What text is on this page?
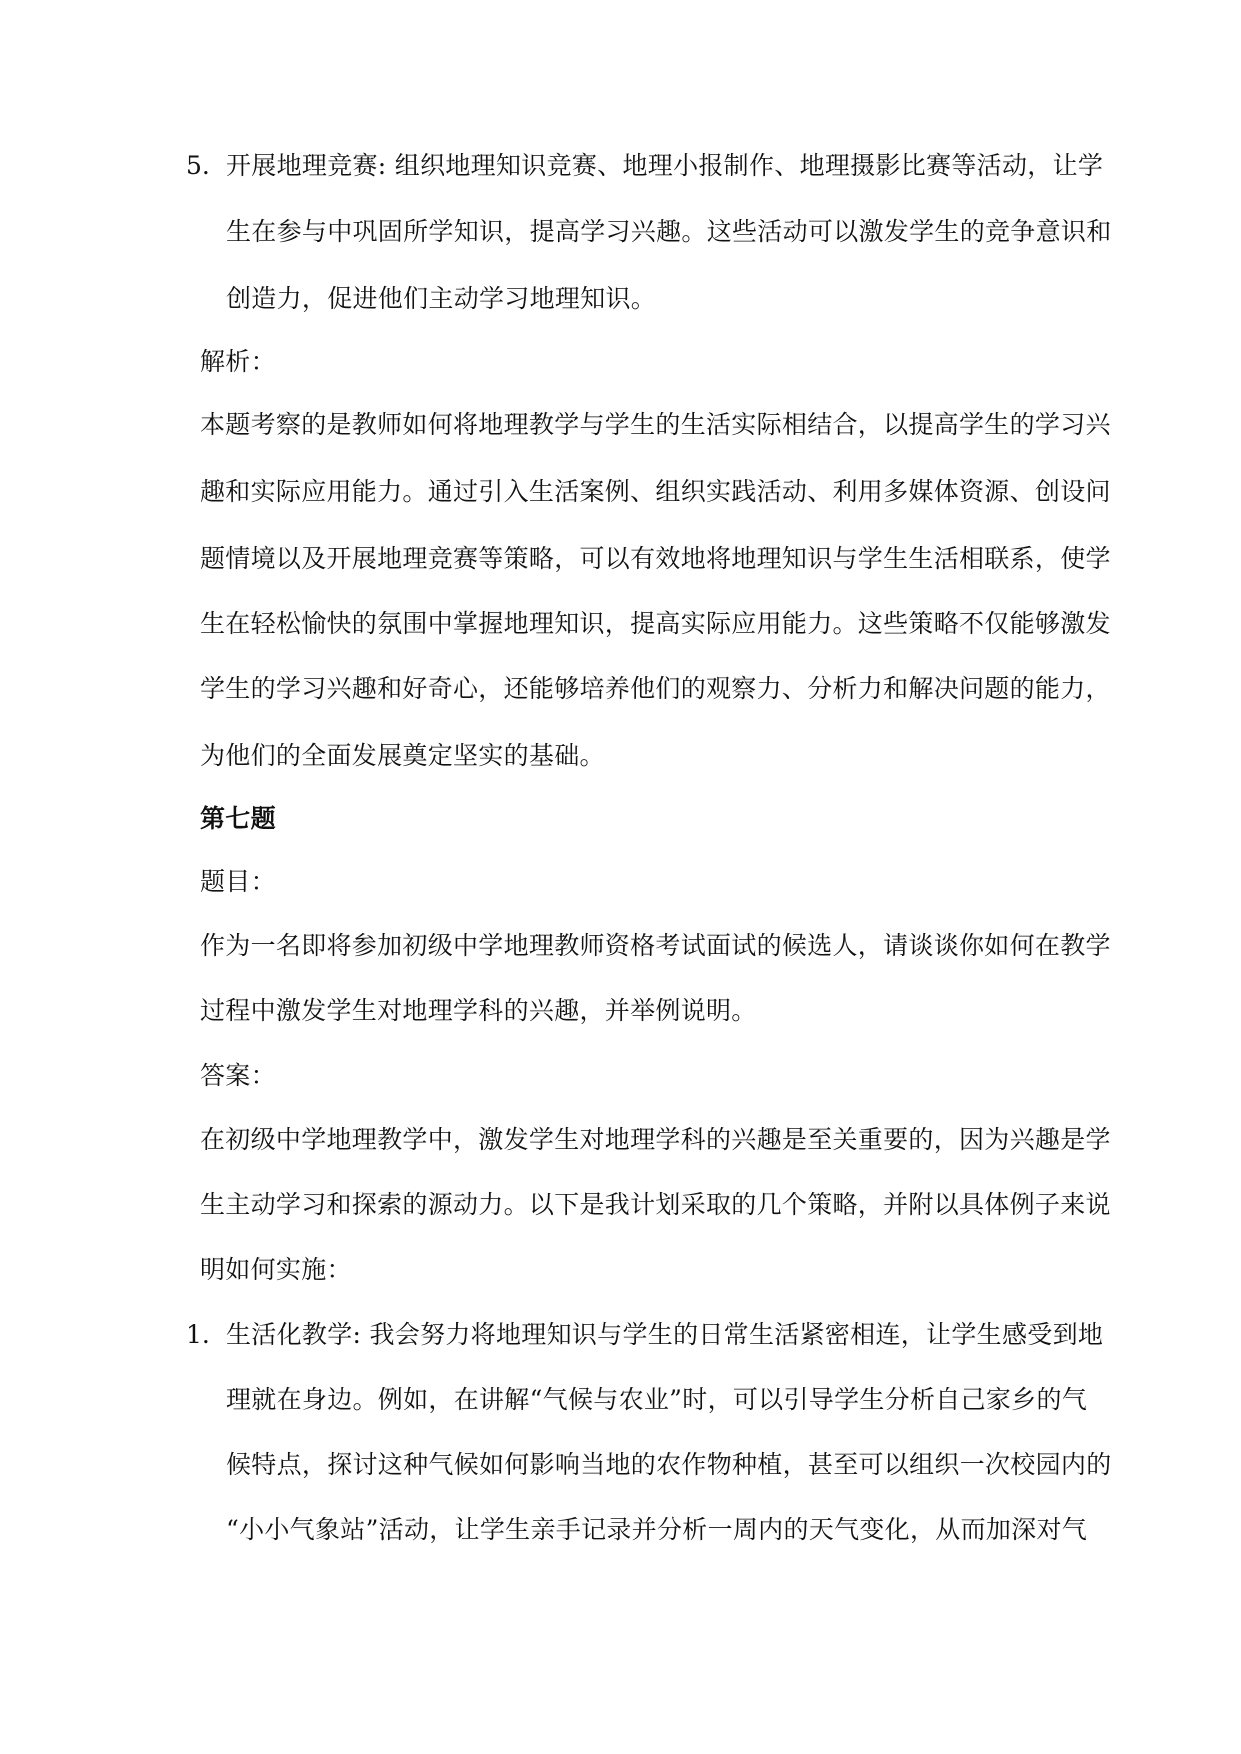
5. 开展地理竞赛: 组织地理知识竞赛、地理小报制作、地理摄影比赛等活动，让学
生在参与中巩固所学知识，提高学习兴趣。这些活动可以激发学生的竞争意识和
创造力，促进他们主动学习地理知识。
解析：
本题考察的是教师如何将地理教学与学生的生活实际相结合，以提高学生的学习兴
趣和实际应用能力。通过引入生活案例、组织实践活动、利用多媒体资源、创设问
题情境以及开展地理竞赛等策略，可以有效地将地理知识与学生生活相联系，使学
生在轻松愉快的氛围中掌握地理知识，提高实际应用能力。这些策略不仅能够激发
学生的学习兴趣和好奇心，还能够培养他们的观察力、分析力和解决问题的能力，
为他们的全面发展奠定坚实的基础。
第七题
题目：
作为一名即将参加初级中学地理教师资格考试面试的候选人，请谈谈你如何在教学
过程中激发学生对地理学科的兴趣，并举例说明。
答案：
在初级中学地理教学中，激发学生对地理学科的兴趣是至关重要的，因为兴趣是学
生主动学习和探索的源动力。以下是我计划采取的几个策略，并附以具体例子来说
明如何实施：
1. 生活化教学: 我会努力将地理知识与学生的日常生活紧密相连，让学生感受到地
理就在身边。例如，在讲解“气候与农业”时，可以引导学生分析自己家乡的气
候特点，探讨这种气候如何影响当地的农作物种植，甚至可以组织一次校园内的
“小小气象站”活动，让学生亲手记录并分析一周内的天气变化，从而加深对气
